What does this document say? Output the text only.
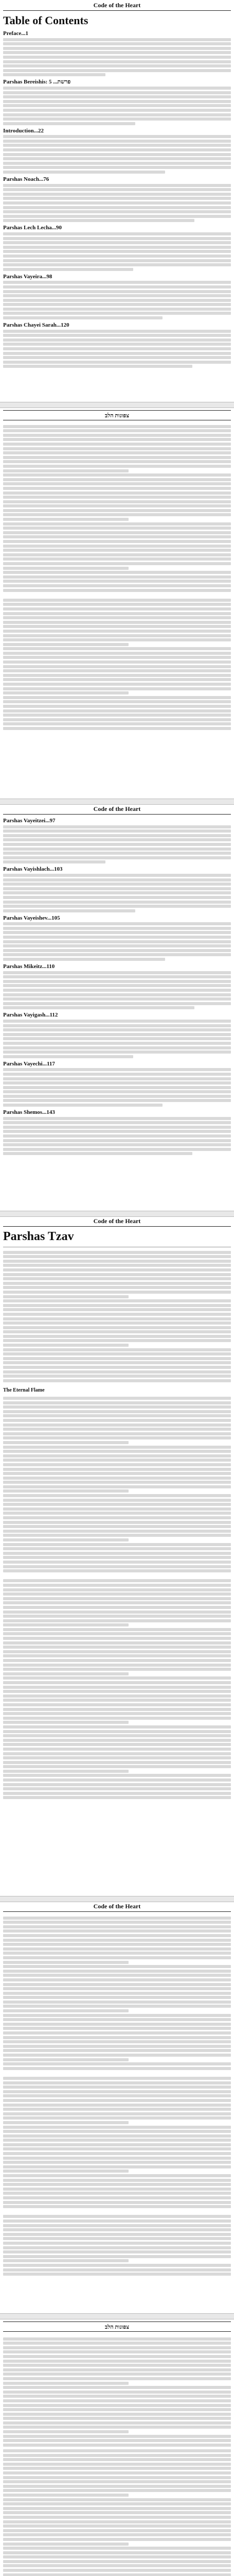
Code of the Heart
Table of Contents
Preface...1
Parshas Bereishis: פרשת... 5
Introduction...22
Parshas Noach...76
Parshas Lech Lecha...90
Parshas Vayeira...98
Parshas Chayei Sarah...120
צפונות הלב
Code of the Heart
Parshas Vayeitzei...97
Parshas Vayishlach...103
Parshas Vayeishev...105
Parshas Mikeitz...110
Parshas Vayigash...112
Parshas Vayechi...117
Parshas Shemos...143
Code of the Heart
Parshas Tzav
The Eternal Flame
Code of the Heart
צפונות הלב
